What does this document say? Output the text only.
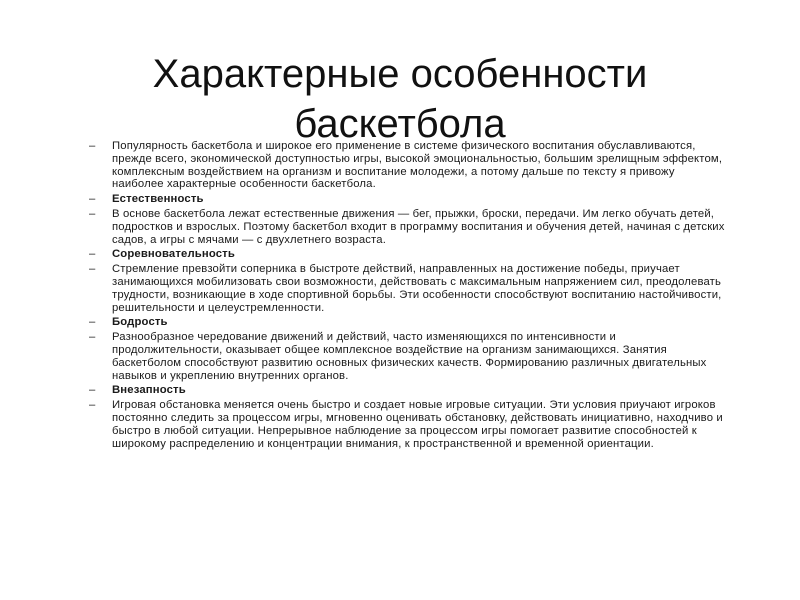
Характерные особенности
баскетбола
–	Популярность баскетбола и широкое его применение в системе физического воспитания обуславливаются, прежде всего, экономической доступностью игры, высокой эмоциональностью, большим зрелищным эффектом, комплексным воздействием на организм и воспитание молодежи, а потому дальше по тексту я привожу наиболее характерные особенности баскетбола.
–	Естественность
–	В основе баскетбола лежат естественные движения — бег, прыжки, броски, передачи. Им легко обучать детей, подростков и взрослых. Поэтому баскетбол входит в программу воспитания и обучения детей, начиная с детских садов, а игры с мячами — с двухлетнего возраста.
–	Соревновательность
–	Стремление превзойти соперника в быстроте действий, направленных на достижение победы, приучает занимающихся мобилизовать свои возможности, действовать с максимальным напряжением сил, преодолевать трудности, возникающие в ходе спортивной борьбы. Эти особенности способствуют воспитанию настойчивости, решительности и целеустремленности.
–	Бодрость
–	Разнообразное чередование движений и действий, часто изменяющихся по интенсивности и продолжительности, оказывает общее комплексное воздействие на организм занимающихся. Занятия баскетболом способствуют развитию основных физических качеств. Формированию различных двигательных навыков и укреплению внутренних органов.
–	Внезапность
–	Игровая обстановка меняется очень быстро и создает новые игровые ситуации. Эти условия приучают игроков постоянно следить за процессом игры, мгновенно оценивать обстановку, действовать инициативно, находчиво и быстро в любой ситуации. Непрерывное наблюдение за процессом игры помогает развитие способностей к широкому распределению и концентрации внимания, к пространственной и временной ориентации.
